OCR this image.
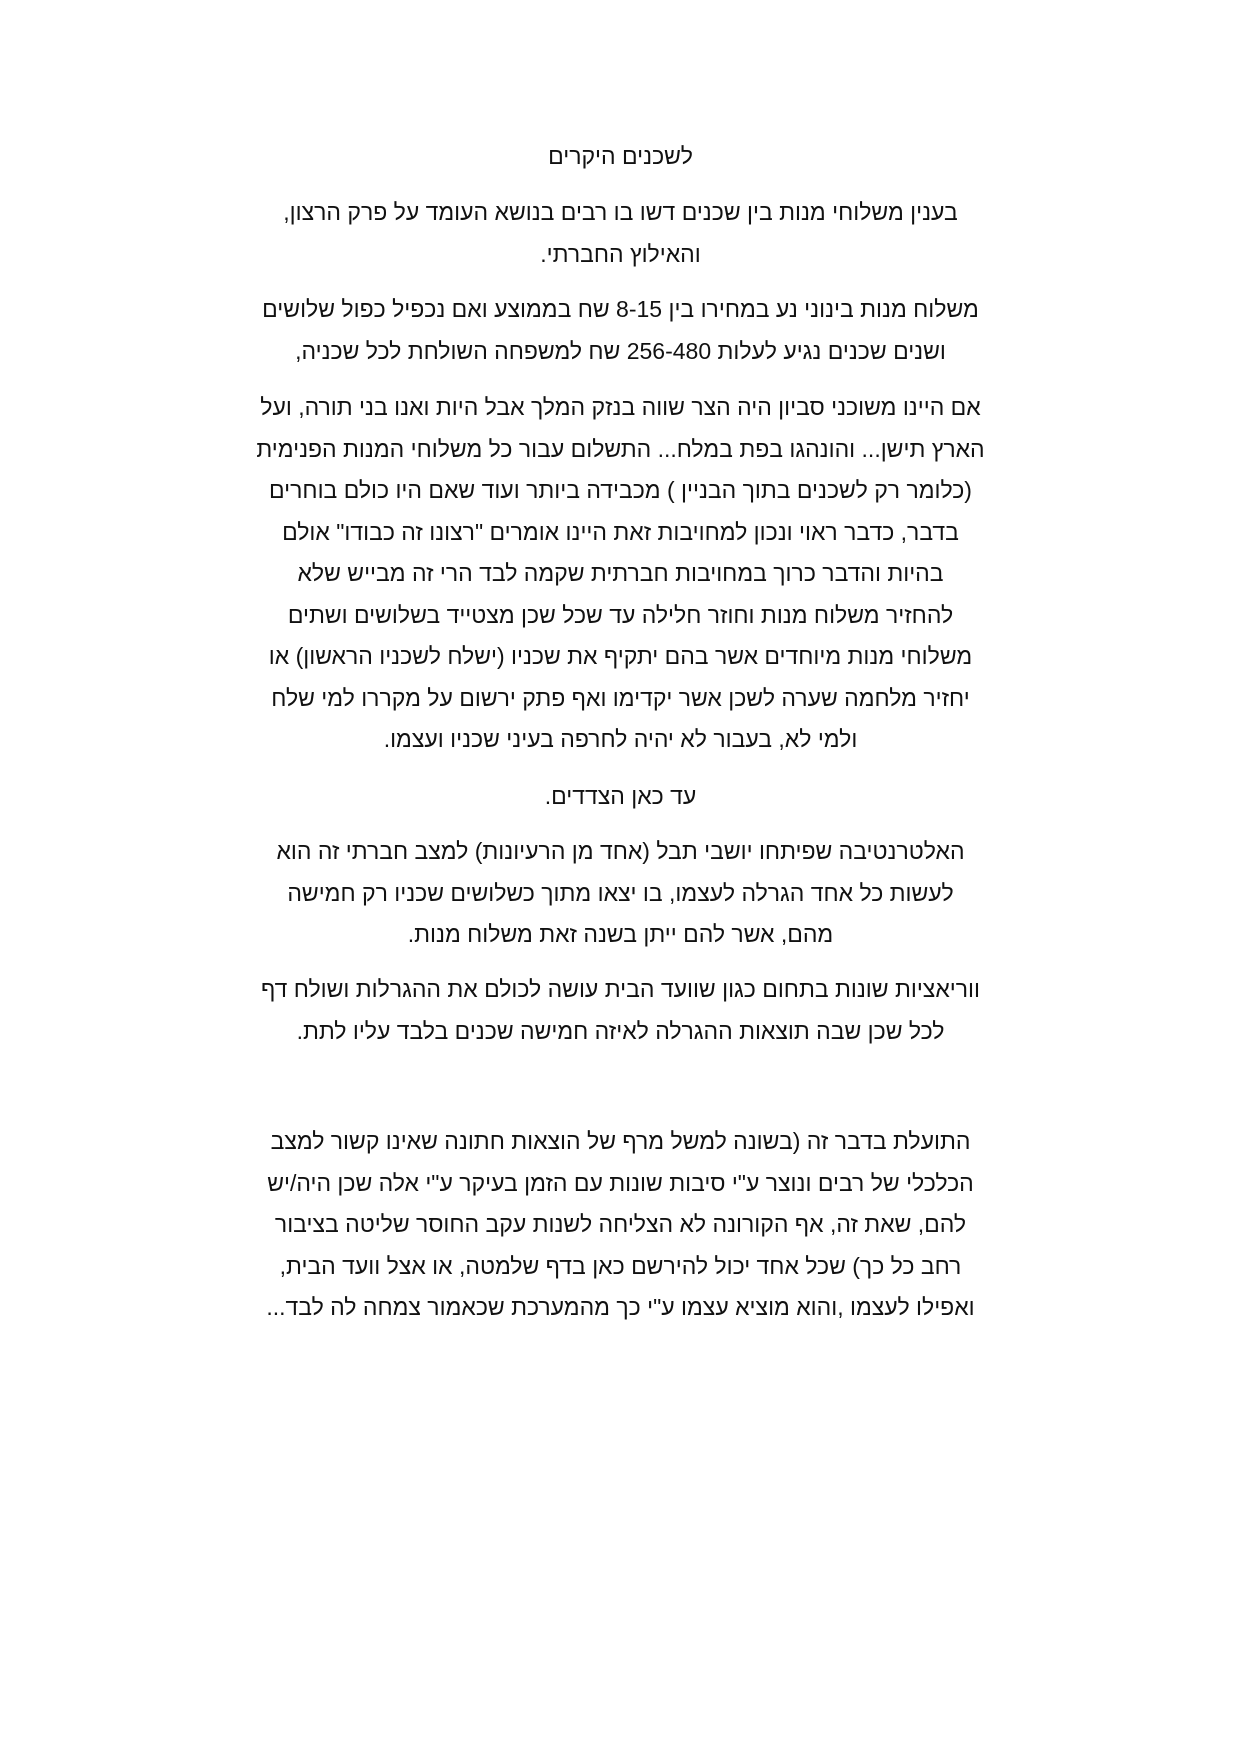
לשכנים היקרים
בענין משלוחי מנות בין שכנים דשו בו רבים בנושא העומד על פרק הרצון,
והאילוץ החברתי.
משלוח מנות בינוני נע במחירו בין 8-15 שח בממוצע ואם נכפיל כפול שלושים
ושנים שכנים נגיע לעלות 256-480 שח למשפחה השולחת לכל שכניה,
אם היינו משוכני סביון היה הצר שווה בנזק המלך אבל היות ואנו בני תורה, ועל
הארץ תישן... והונהגו בפת במלח... התשלום עבור כל משלוחי המנות הפנימית
(כלומר רק לשכנים בתוך הבניין ) מכבידה ביותר ועוד שאם היו כולם בוחרים
בדבר, כדבר ראוי ונכון למחויבות זאת היינו אומרים "רצונו זה כבודו" אולם
בהיות והדבר כרוך במחויבות חברתית שקמה לבד הרי זה מבייש שלא
להחזיר משלוח מנות וחוזר חלילה עד שכל שכן מצטייד בשלושים ושתים
משלוחי מנות מיוחדים אשר בהם יתקיף את שכניו (ישלח לשכניו הראשון) או
יחזיר מלחמה שערה לשכן אשר יקדימו ואף פתק ירשום על מקררו למי שלח
ולמי לא, בעבור לא יהיה לחרפה בעיני שכניו ועצמו.
עד כאן הצדדים.
האלטרנטיבה שפיתחו יושבי תבל (אחד מן הרעיונות) למצב חברתי זה הוא
לעשות כל אחד הגרלה לעצמו, בו יצאו מתוך כשלושים שכניו רק חמישה
מהם, אשר להם ייתן בשנה זאת משלוח מנות.
ווריאציות שונות בתחום כגון שוועד הבית עושה לכולם את ההגרלות ושולח דף
לכל שכן שבה תוצאות ההגרלה לאיזה חמישה שכנים בלבד עליו לתת.
התועלת בדבר זה (בשונה למשל מרף של הוצאות חתונה שאינו קשור למצב
הכלכלי של רבים ונוצר ע"י סיבות שונות עם הזמן בעיקר ע"י אלה שכן היה/יש
להם, שאת זה, אף הקורונה לא הצליחה לשנות עקב החוסר שליטה בציבור
רחב כל כך) שכל אחד יכול להירשם כאן בדף שלמטה, או אצל וועד הבית,
ואפילו לעצמו ,והוא מוציא עצמו ע"י כך מהמערכת שכאמור צמחה לה לבד...
